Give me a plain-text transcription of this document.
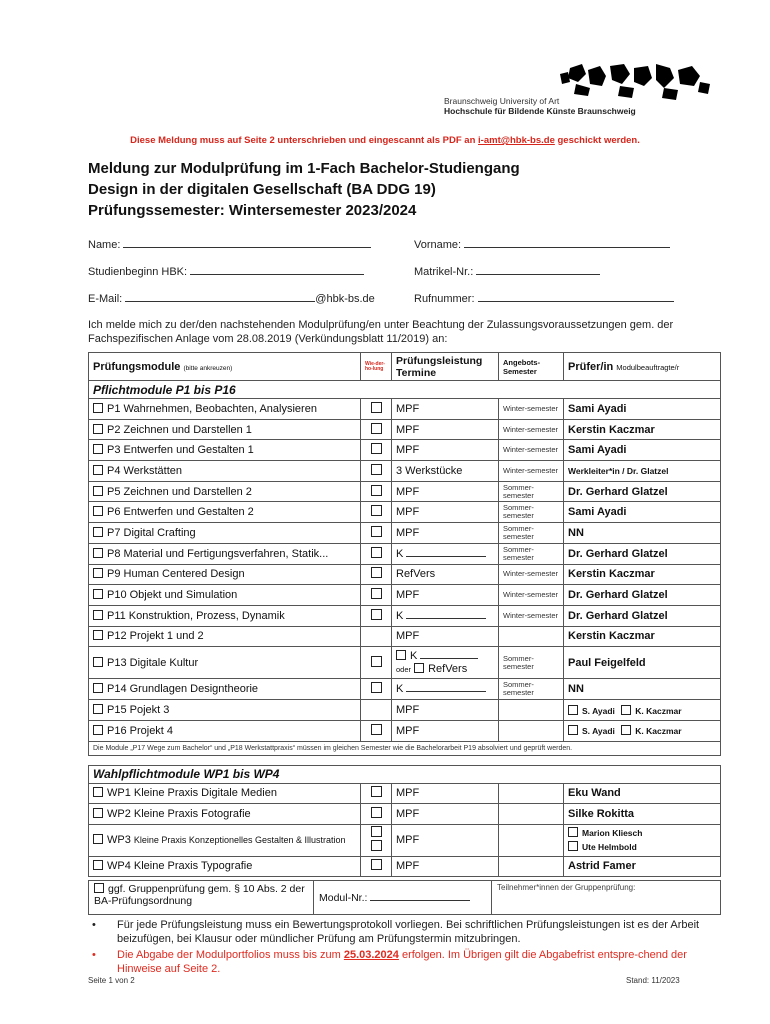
Braunschweig University of Art
Hochschule für Bildende Künste Braunschweig
Diese Meldung muss auf Seite 2 unterschrieben und eingescannt als PDF an i-amt@hbk-bs.de geschickt werden.
Meldung zur Modulprüfung im 1-Fach Bachelor-Studiengang
Design in der digitalen Gesellschaft (BA DDG 19)
Prüfungssemester: Wintersemester 2023/2024
Name:	Vorname:
Studienbeginn HBK:	Matrikel-Nr.:
E-Mail:	@hbk-bs.de	Rufnummer:
Ich melde mich zu der/den nachstehenden Modulprüfung/en unter Beachtung der Zulassungsvoraussetzungen gem. der Fachspezifischen Anlage vom 28.08.2019 (Verkündungsblatt 11/2019) an:
Prüfungsmodule (bitte ankreuzen)	Wie-der-ho-lung	Prüfungsleistung Termine	Angebots-Semester	Prüfer/in Modulbeauftragte/r
Pflichtmodule P1 bis P16				
P1 Wahrnehmen, Beobachten, Analysieren		MPF	Winter-semester	Sami Ayadi
P2 Zeichnen und Darstellen 1		MPF	Winter-semester	Kerstin Kaczmar
P3 Entwerfen und Gestalten 1		MPF	Winter-semester	Sami Ayadi
P4 Werkstätten		3 Werkstücke	Winter-semester	Werkleiter*in / Dr. Glatzel
P5 Zeichnen und Darstellen 2		MPF	Sommer-semester	Dr. Gerhard Glatzel
P6 Entwerfen und Gestalten 2		MPF	Sommer-semester	Sami Ayadi
P7 Digital Crafting		MPF	Sommer-semester	NN
P8 Material und Fertigungsverfahren, Statik...		K	Sommer-semester	Dr. Gerhard Glatzel
P9 Human Centered Design		RefVers	Winter-semester	Kerstin Kaczmar
P10 Objekt und Simulation		MPF	Winter-semester	Dr. Gerhard Glatzel
P11 Konstruktion, Prozess, Dynamik		K	Winter-semester	Dr. Gerhard Glatzel
P12 Projekt 1 und 2		MPF		Kerstin Kaczmar
P13 Digitale Kultur		K
oder RefVers	Sommer-semester	Paul Feigelfeld
P14 Grundlagen Designtheorie		K	Sommer-semester	NN
P15 Pojekt 3		MPF		S. Ayadi K. Kaczmar
P16 Projekt 4		MPF		S. Ayadi K. Kaczmar
Die Module „P17 Wege zum Bachelor“ und „P18 Werkstattpraxis“ müssen im gleichen Semester wie die Bachelorarbeit P19 absolviert und geprüft werden.				

Wahlpflichtmodule WP1 bis WP4				
WP1 Kleine Praxis Digitale Medien		MPF		Eku Wand
WP2 Kleine Praxis Fotografie		MPF		Silke Rokitta
WP3 Kleine Praxis Konzeptionelles Gestalten & Illustration		MPF		Marion Kliesch
Ute Helmbold

WP4 Kleine Praxis Typografie		MPF		Astrid Famer
ggf. Gruppenprüfung gem. § 10 Abs. 2 der BA-Prüfungsordnung	Modul-Nr.:	Teilnehmer*innen der Gruppenprüfung:
• Für jede Prüfungsleistung muss ein Bewertungsprotokoll vorliegen. Bei schriftlichen Prüfungsleistungen ist es der Arbeit beizufügen, bei Klausur oder mündlicher Prüfung am Prüfungstermin mitzubringen.
• Die Abgabe der Modulportfolios muss bis zum 25.03.2024 erfolgen. Im Übrigen gilt die Abgabefrist entspre-chend der Hinweise auf Seite 2.
Seite 1 von 2	Stand: 11/2023
